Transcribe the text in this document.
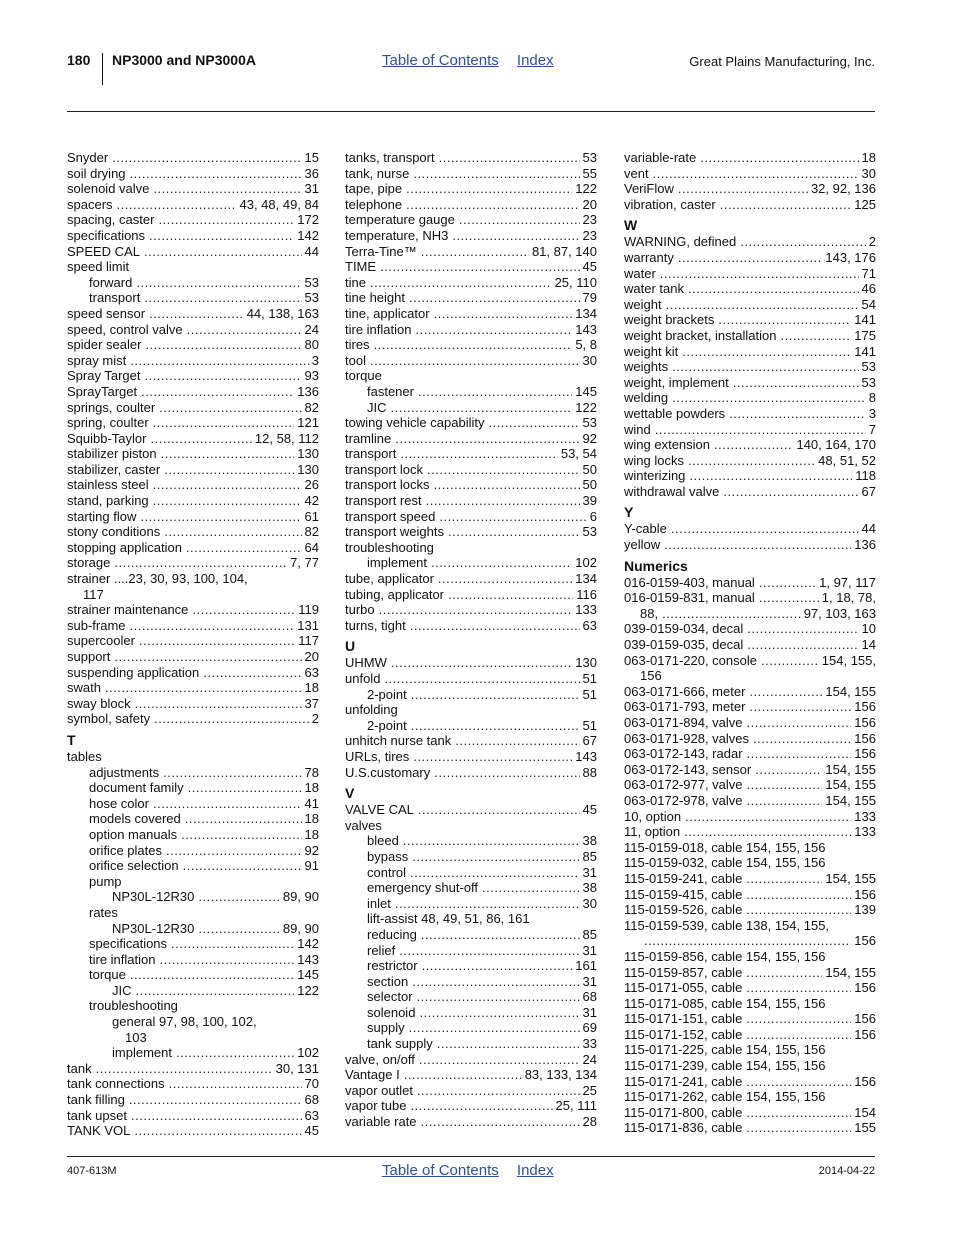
180 NP3000 and NP3000A	Table of Contents Index	Great Plains Manufacturing, Inc.
Snyder .....	15
soil drying .....	36
solenoid valve .....	31
spacers .....	43, 48, 49, 84
spacing, caster .....	172
specifications .....	142
SPEED CAL .....	44
speed limit
forward .....	53
transport .....	53
speed sensor .....	44, 138, 163
speed, control valve .....	24
spider sealer .....	80
spray mist .....	3
Spray Target .....	93
SprayTarget .....	136
springs, coulter .....	82
spring, coulter .....	121
Squibb-Taylor .....	12, 58, 112
stabilizer piston .....	130
stabilizer, caster .....	130
stainless steel .....	26
stand, parking .....	42
starting flow .....	61
stony conditions .....	82
stopping application .....	64
storage .....	7, 77
strainer ....23, 30, 93, 100, 104,
117
strainer maintenance .....	119
sub-frame .....	131
supercooler .....	117
support .....	20
suspending application .....	63
swath .....	18
sway block .....	37
symbol, safety .....	2
T
tables
adjustments .....	78
document family .....	18
hose color .....	41
models covered .....	18
option manuals .....	18
orifice plates .....	92
orifice selection .....	91
pump
NP30L-12R30 .....	89, 90
rates
NP30L-12R30 .....	89, 90
specifications .....	142
tire inflation .....	143
torque .....	145
JIC .....	122
troubleshooting
general 97, 98, 100, 102,
103
implement .....	102
tank .....	30, 131
tank connections .....	70
tank filling .....	68
tank upset .....	63
TANK VOL .....	45
tanks, transport .....	53
tank, nurse .....	55
tape, pipe .....	122
telephone .....	20
temperature gauge .....	23
temperature, NH3 .....	23
Terra-Tine™ .....	81, 87, 140
TIME .....	45
tine .....	25, 110
tine height .....	79
tine, applicator .....	134
tire inflation .....	143
tires .....	5, 8
tool .....	30
torque
fastener .....	145
JIC .....	122
towing vehicle capability .....	53
tramline .....	92
transport .....	53, 54
transport lock .....	50
transport locks .....	50
transport rest .....	39
transport speed .....	6
transport weights .....	53
troubleshooting
implement .....	102
tube, applicator .....	134
tubing, applicator .....	116
turbo .....	133
turns, tight .....	63
U
UHMW .....	130
unfold .....	51
2-point .....	51
unfolding
2-point .....	51
unhitch nurse tank .....	67
URLs, tires .....	143
U.S.customary .....	88
V
VALVE CAL .....	45
valves
bleed .....	38
bypass .....	85
control .....	31
emergency shut-off .....	38
inlet .....	30
lift-assist 48, 49, 51, 86, 161
reducing .....	85
relief .....	31
restrictor .....	161
section .....	31
selector .....	68
solenoid .....	31
supply .....	69
tank supply .....	33
valve, on/off .....	24
Vantage I .....	83, 133, 134
vapor outlet .....	25
vapor tube .....	25, 111
variable rate .....	28
variable-rate .....	18
vent .....	30
VeriFlow .....	32, 92, 136
vibration, caster .....	125
W
WARNING, defined .....	2
warranty .....	143, 176
water .....	71
water tank .....	46
weight .....	54
weight brackets .....	141
weight bracket, installation .....	175
weight kit .....	141
weights .....	53
weight, implement .....	53
welding .....	8
wettable powders .....	3
wind .....	7
wing extension .....	140, 164, 170
wing locks .....	48, 51, 52
winterizing .....	118
withdrawal valve .....	67
Y
Y-cable .....	44
yellow .....	136
Numerics
016-0159-403, manual .....	1, 97, 117
016-0159-831, manual .....	1, 18, 78,
88, .....	97, 103, 163
039-0159-034, decal .....	10
039-0159-035, decal .....	14
063-0171-220, console .....	154, 155,
156
063-0171-666, meter .....	154, 155
063-0171-793, meter .....	156
063-0171-894, valve .....	156
063-0171-928, valves .....	156
063-0172-143, radar .....	156
063-0172-143, sensor .....	154, 155
063-0172-977, valve .....	154, 155
063-0172-978, valve .....	154, 155
10, option .....	133
11, option .....	133
115-0159-018, cable 154, 155, 156
115-0159-032, cable 154, 155, 156
115-0159-241, cable .....	154, 155
115-0159-415, cable .....	156
115-0159-526, cable .....	139
115-0159-539, cable 138, 154, 155,
.....
156
115-0159-856, cable 154, 155, 156
115-0159-857, cable .....	154, 155
115-0171-055, cable .....	156
115-0171-085, cable 154, 155, 156
115-0171-151, cable .....	156
115-0171-152, cable .....	156
115-0171-225, cable 154, 155, 156
115-0171-239, cable 154, 155, 156
115-0171-241, cable .....	156
115-0171-262, cable 154, 155, 156
115-0171-800, cable .....	154
115-0171-836, cable .....	155
407-613M	Table of Contents Index	2014-04-22
